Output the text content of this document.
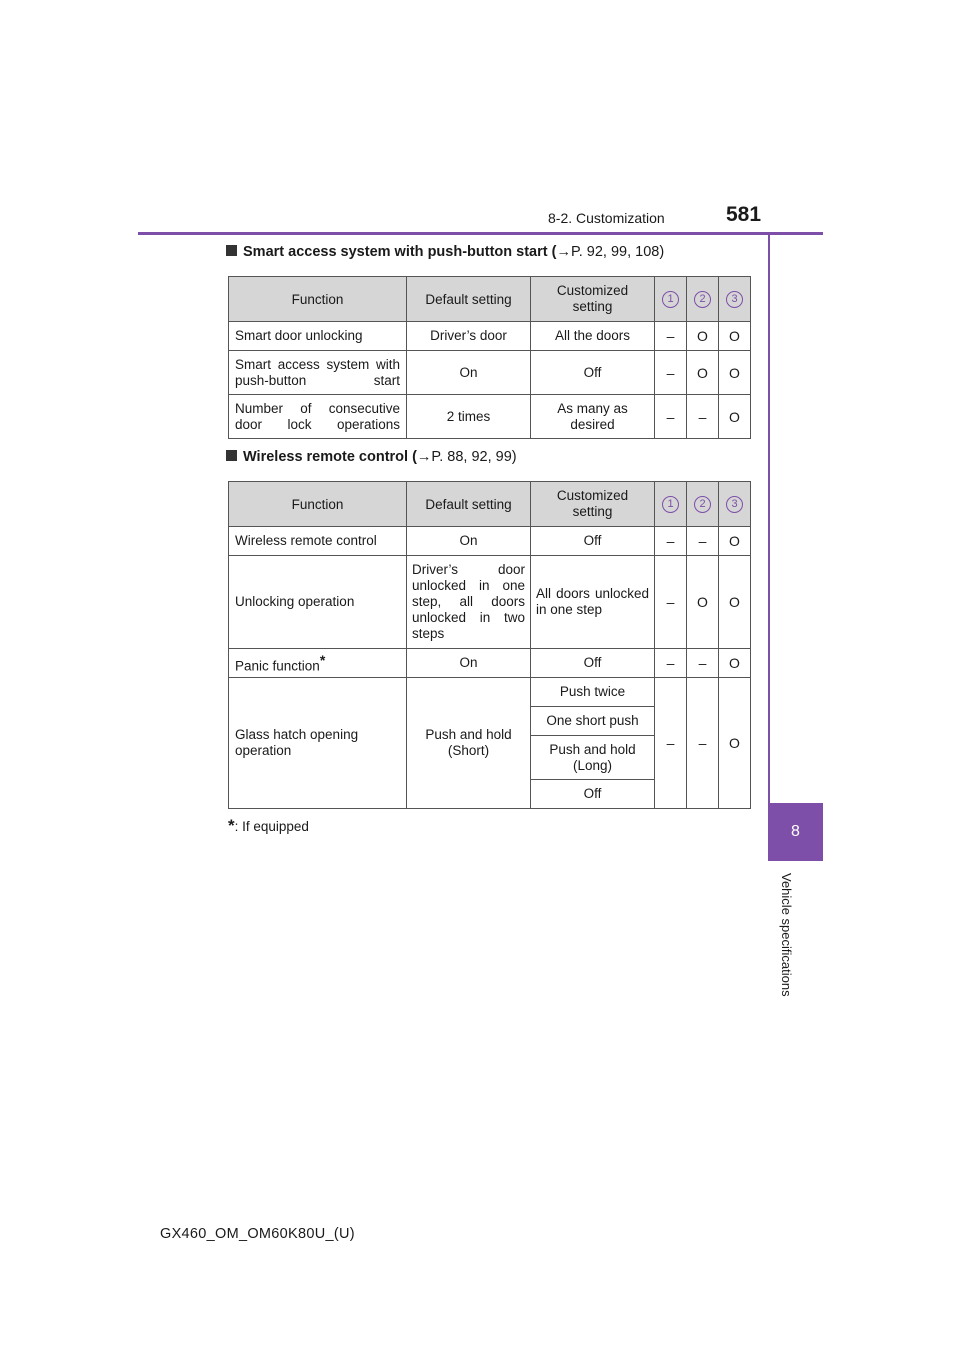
8-2. Customization	581
8
Vehicle specifications
Smart access system with push-button start (→P. 92, 99, 108)
Function	Default setting	Customized setting	1	2	3
Smart door unlocking	Driver’s door	All the doors	–	O	O

Smart access system with push-button start	On	Off	–	O	O

Number of consecutive door lock operations	2 times	As many as desired	–	–	O
Wireless remote control (→P. 88, 92, 99)
Function	Default setting	Customized setting	1	2	3
Wireless remote control	On	Off	–	–	O
Unlocking operation	Driver’s door unlocked in one step, all doors unlocked in two steps	All doors unlocked in one step	–	O	O
Panic function*	On	Off	–	–	O
Glass hatch opening operation	Push and hold (Short)	Push twice	–	–	O
		One short push			

		Push and hold (Long)			

		Off			
*: If equipped
GX460_OM_OM60K80U_(U)
